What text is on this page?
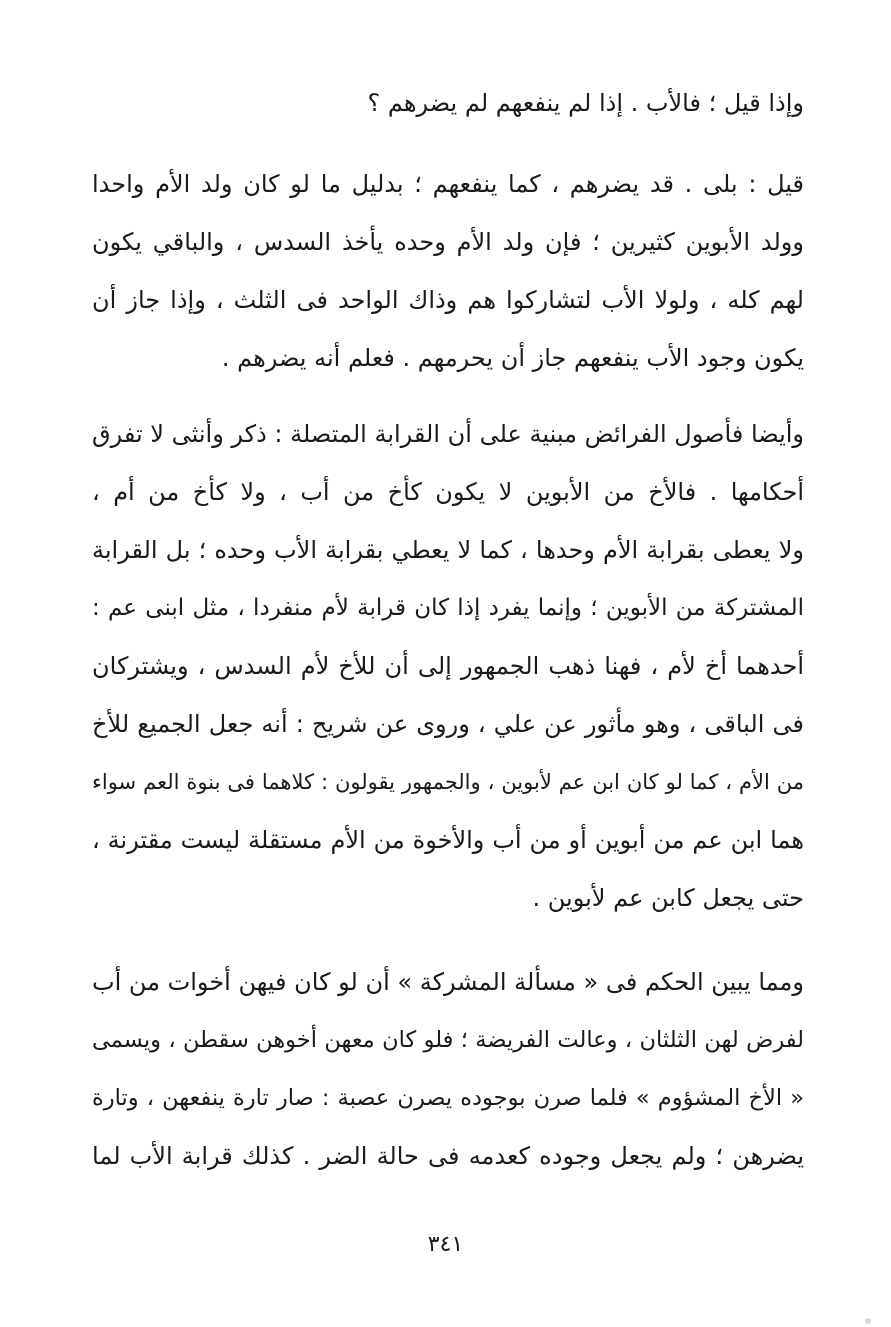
وإذا قيل ؛ فالأب . إذا لم ينفعهم لم يضرهم ؟
قيل : بلى . قد يضرهم ، كما ينفعهم ؛ بدليل ما لو كان ولد الأم واحدا
وولد الأبوين كثيرين ؛ فإن ولد الأم وحده يأخذ السدس ، والباقي يكون
لهم كله ، ولولا الأب لتشاركوا هم وذاك الواحد فى الثلث ، وإذا جاز أن
يكون وجود الأب ينفعهم جاز أن يحرمهم . فعلم أنه يضرهم .
وأيضا فأصول الفرائض مبنية على أن القرابة المتصلة : ذكر وأنثى لا تفرق
أحكامها . فالأخ من الأبوين لا يكون كأخ من أب ، ولا كأخ من أم ،
ولا يعطى بقرابة الأم وحدها ، كما لا يعطي بقرابة الأب وحده ؛ بل القرابة
المشتركة من الأبوين ؛ وإنما يفرد إذا كان قرابة لأم منفردا ، مثل ابنى عم :
أحدهما أخ لأم ، فهنا ذهب الجمهور إلى أن للأخ لأم السدس ، ويشتركان
فى الباقى ، وهو مأثور عن علي ، وروى عن شريح : أنه جعل الجميع للأخ
من الأم ، كما لو كان ابن عم لأبوين ، والجمهور يقولون : كلاهما فى بنوة العم سواء
هما ابن عم من أبوين أو من أب والأخوة من الأم مستقلة ليست مقترنة ،
حتى يجعل كابن عم لأبوين .
ومما يبين الحكم فى « مسألة المشركة » أن لو كان فيهن أخوات من أب
لفرض لهن الثلثان ، وعالت الفريضة ؛ فلو كان معهن أخوهن سقطن ، ويسمى
« الأخ المشؤوم » فلما صرن بوجوده يصرن عصبة : صار تارة ينفعهن ، وتارة
يضرهن ؛ ولم يجعل وجوده كعدمه فى حالة الضر . كذلك قرابة الأب لما
٣٤١
